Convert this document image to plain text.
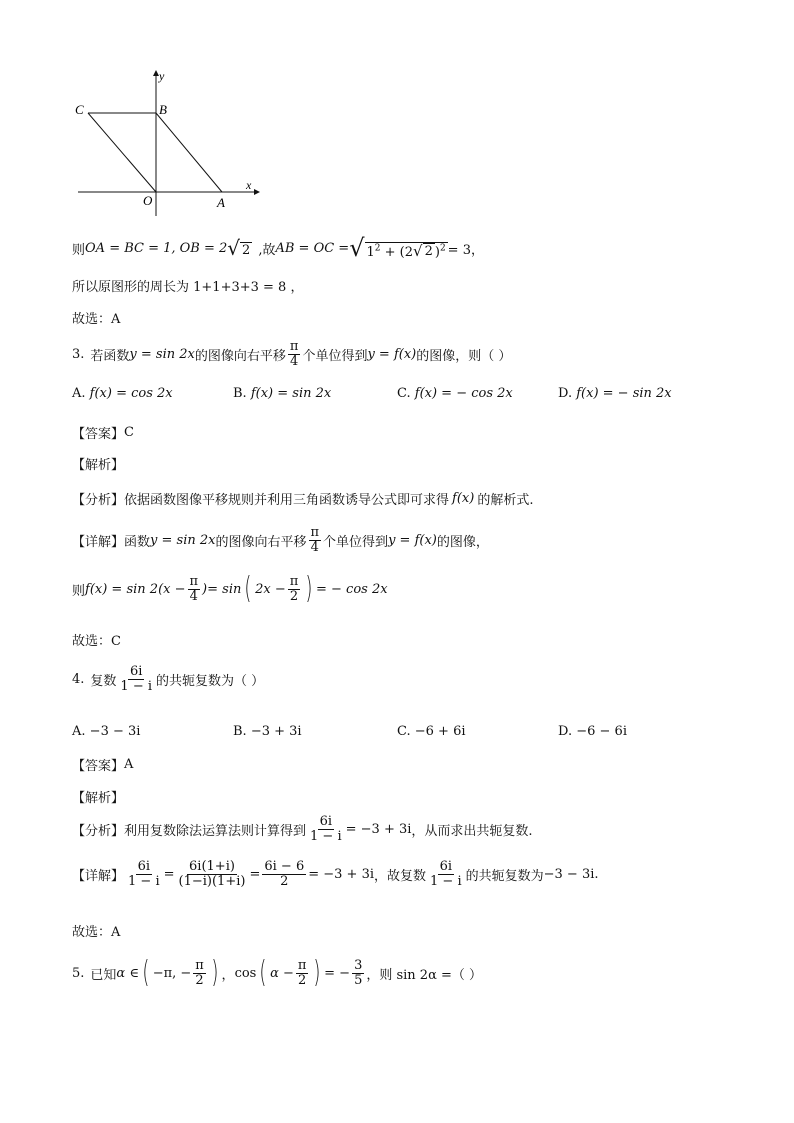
y
x
C	B
O	A
则 OA = BC = 1, OB = 2 √ 2 ,故 AB = OC = √ $1^2 + (2$ √ 2 )$^2$ = 3，
所以原图形的周长为 1+1+3+3 = 8 ，
故选：A
3. 若函数 y = sin 2x 的图像向右平移 $\frac{\pi}{4}$ 个单位得到 y = f(x) 的图像，则（ ）
A. f(x) = cos 2x	B. f(x) = sin 2x	C. f(x) = − cos 2x	D. f(x) = − sin 2x
【答案】 C
【解析】
【分析】 依据函数图像平移规则并利用三角函数诱导公式即可求得 f(x) 的解析式.
【详解】 函数 y = sin 2x 的图像向右平移 $\frac{\pi}{4}$ 个单位得到 y = f(x) 的图像，
则 $f(x) = \sin 2(x - \frac{\pi}{4}$ )= sin ( $2x - \frac{\pi}{2}$ ) = − cos 2x
故选：C
4. 复数 $\frac{6i}{1 - i}$ 的共轭复数为（ ）
A. −3 − 3i	B. −3 + 3i	C. −6 + 6i	D. −6 − 6i
【答案】 A
【解析】
【分析】 利用复数除法运算法则计算得到 $\frac{6i}{1 - i} = -3 + 3i$ ，从而求出共轭复数.
【详解】 $\frac{6i}{1 - i} = \frac{6i(1+i)}{(1-i)(1+i)} = \frac{6i - 6}{2} = -3 + 3i$ ，故复数 $\frac{6i}{1 - i}$ 的共轭复数为 −3 − 3i .
故选：A
5. 已知 α ∈ ( −π, − $\frac{\pi}{2}$ ) ， cos ( $\alpha - \frac{\pi}{2}$ ) = − $\frac{3}{5}$ ，则 sin 2α =（ ）
